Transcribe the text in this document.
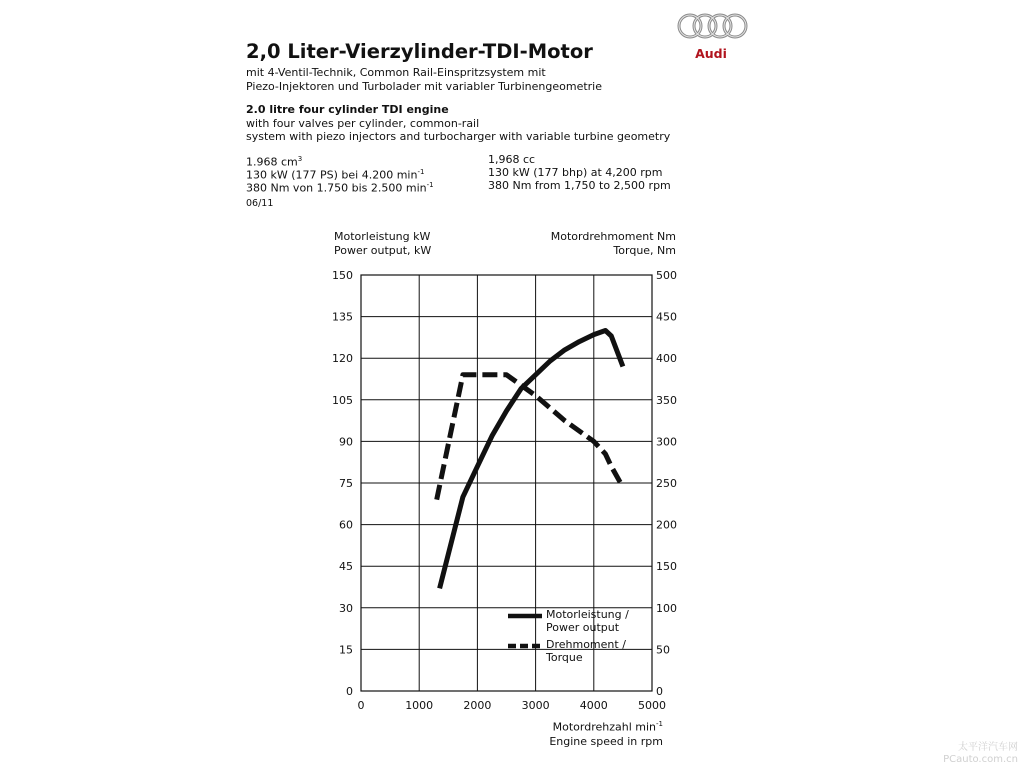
2,0 Liter-Vierzylinder-TDI-Motor
mit 4-Ventil-Technik, Common Rail-Einspritzsystem mit
Piezo-Injektoren und Turbolader mit variabler Turbinengeometrie
2.0 litre four cylinder TDI engine
with four valves per cylinder, common-rail
system with piezo injectors and turbocharger with variable turbine geometry
1.968 $cm^3$
130 kW (177 PS) bei 4.200 $\min^{-1}$
380 Nm von 1.750 bis 2.500 $\min^{-1}$
1,968 cc
130 kW (177 bhp) at 4,200 rpm
380 Nm from 1,750 to 2,500 rpm
06/11
Audi
Motorleistung kW
Power output, kW
Motordrehmoment Nm
Torque, Nm
Motordrehzahl $\min^{-1}$
Engine speed in rpm
0
15
30
45
60
75
90
105
120
135
150
0
50
100
150
200
250
300
350
400
450
500
0	1000	2000	3000	4000	5000
Motorleistung /
Power output
Drehmoment /
Torque
太平洋汽车网
PCauto.com.cn
